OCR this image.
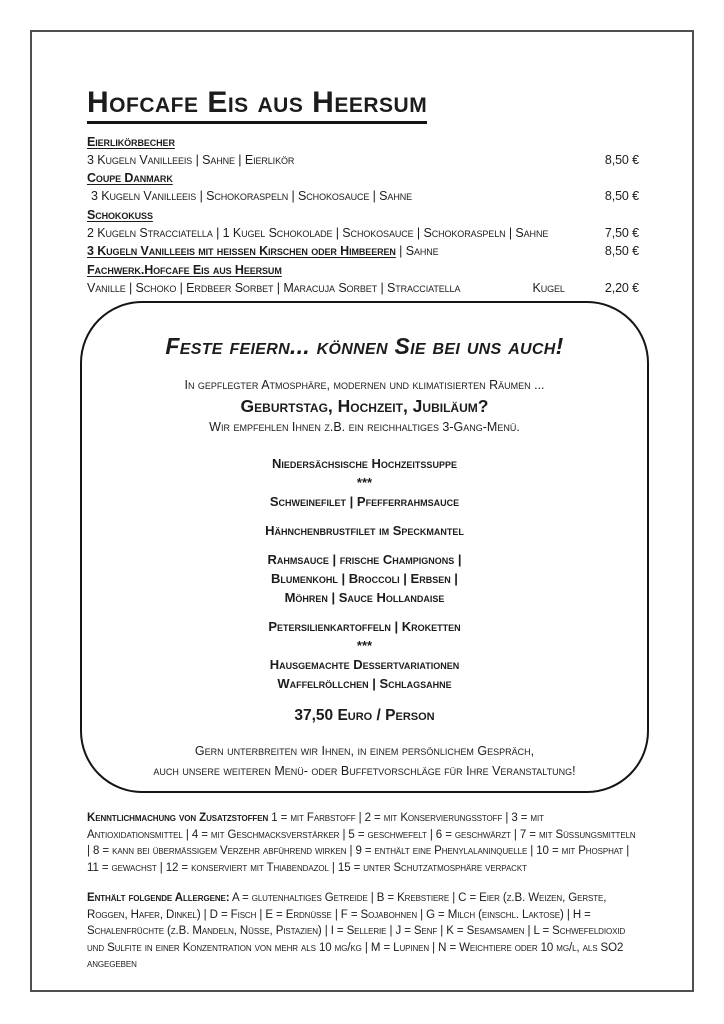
Hofcafe Eis aus Heersum
Eierlikörbecher
3 Kugeln Vanilleeis | Sahne | Eierlikör	8,50 €
Coupe Danmark
3 Kugeln Vanilleeis | Schokoraspeln | Schokosauce | Sahne	8,50 €
Schokokuss
2 Kugeln Stracciatella | 1 Kugel Schokolade | Schokosauce | Schokoraspeln | Sahne	7,50 €
3 Kugeln Vanilleeis mit heißen Kirschen oder Himbeeren | Sahne	8,50 €
Fachwerk.Hofcafe Eis aus Heersum
Vanille | Schoko | Erdbeer Sorbet | Maracuja Sorbet | Stracciatella	Kugel	2,20 €
Feste feiern... können Sie bei uns auch!
In gepflegter Atmosphäre, modernen und klimatisierten Räumen ...
Geburtstag, Hochzeit, Jubiläum?
Wir empfehlen Ihnen z.B. ein reichhaltiges 3-Gang-Menü.
Niedersächsische Hochzeitssuppe
***
Schweinefilet | Pfefferrahmsauce
Hähnchenbrustfilet im Speckmantel
Rahmsauce | frische Champignons |
Blumenkohl | Broccoli | Erbsen |
Möhren | Sauce Hollandaise
Petersilienkartoffeln | Kroketten
***
Hausgemachte Dessertvariationen
Waffelröllchen | Schlagsahne
37,50 Euro / Person
Gern unterbreiten wir Ihnen, in einem persönlichem Gespräch,
auch unsere weiteren Menü- oder Buffetvorschläge für Ihre Veranstaltung!
Kenntlichmachung von Zusatzstoffen 1 = mit Farbstoff | 2 = mit Konservierungsstoff | 3 = mit Antioxidationsmittel | 4 = mit Geschmacksverstärker | 5 = geschwefelt | 6 = geschwärzt | 7 = mit Süßungsmitteln | 8 = kann bei übermäßigem Verzehr abführend wirken | 9 = enthält eine Phenylalaninquelle | 10 = mit Phosphat | 11 = gewachst | 12 = konserviert mit Thiabendazol | 15 = unter Schutzatmosphäre verpackt
Enthält folgende Allergene: A = glutenhaltiges Getreide | B = Krebstiere | C = Eier (z.B. Weizen, Gerste, Roggen, Hafer, Dinkel) | D = Fisch | E = Erdnüsse | F = Sojabohnen | G = Milch (einschl. Laktose) | H = Schalenfrüchte (z.B. Mandeln, Nüsse, Pistazien) | I = Sellerie | J = Senf | K = Sesamsamen | L = Schwefeldioxid und Sulfite in einer Konzentration von mehr als 10 mg/kg | M = Lupinen | N = Weichtiere oder 10 mg/l, als SO2 angegeben
